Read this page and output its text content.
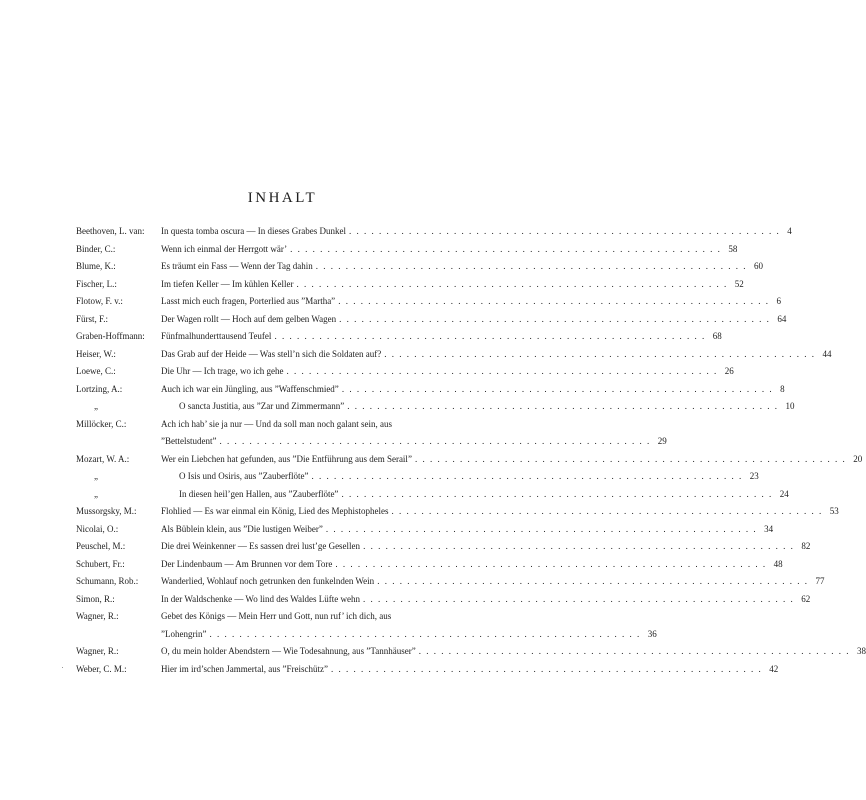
INHALT
Beethoven, L. van:	In questa tomba oscura — In dieses Grabes Dunkel . . . . . . . . . . . . . . . . . . . . . . . . . . . . . . . . . . . . . . . . . . . . . . . . . . . . . . . . . . 4
Binder, C.:	Wenn ich einmal der Herrgott wär’ . . . . . . . . . . . . . . . . . . . . . . . . . . . . . . . . . . . . . . . . . . . . . . . . . . . . . . . . . . 58
Blume, K.:	Es träumt ein Fass — Wenn der Tag dahin . . . . . . . . . . . . . . . . . . . . . . . . . . . . . . . . . . . . . . . . . . . . . . . . . . . . . . . . . . 60
Fischer, L.:	Im tiefen Keller — Im kühlen Keller . . . . . . . . . . . . . . . . . . . . . . . . . . . . . . . . . . . . . . . . . . . . . . . . . . . . . . . . . . 52
Flotow, F. v.:	Lasst mich euch fragen, Porterlied aus ”Martha” . . . . . . . . . . . . . . . . . . . . . . . . . . . . . . . . . . . . . . . . . . . . . . . . . . . . . . . . . . 6
Fürst, F.:	Der Wagen rollt — Hoch auf dem gelben Wagen . . . . . . . . . . . . . . . . . . . . . . . . . . . . . . . . . . . . . . . . . . . . . . . . . . . . . . . . . . 64
Graben-Hoffmann:	Fünfmalhunderttausend Teufel . . . . . . . . . . . . . . . . . . . . . . . . . . . . . . . . . . . . . . . . . . . . . . . . . . . . . . . . . . 68
Heiser, W.:	Das Grab auf der Heide — Was stell’n sich die Soldaten auf? . . . . . . . . . . . . . . . . . . . . . . . . . . . . . . . . . . . . . . . . . . . . . . . . . . . . . . . . . . 44
Loewe, C.:	Die Uhr — Ich trage, wo ich gehe . . . . . . . . . . . . . . . . . . . . . . . . . . . . . . . . . . . . . . . . . . . . . . . . . . . . . . . . . . 26
Lortzing, A.:	Auch ich war ein Jüngling, aus ”Waffenschmied” . . . . . . . . . . . . . . . . . . . . . . . . . . . . . . . . . . . . . . . . . . . . . . . . . . . . . . . . . . 8
„	O sancta Justitia, aus ”Zar und Zimmermann” . . . . . . . . . . . . . . . . . . . . . . . . . . . . . . . . . . . . . . . . . . . . . . . . . . . . . . . . . . 10
Millöcker, C.:	Ach ich hab’ sie ja nur — Und da soll man noch galant sein, aus
”Bettelstudent” . . . . . . . . . . . . . . . . . . . . . . . . . . . . . . . . . . . . . . . . . . . . . . . . . . . . . . . . . . 29
Mozart, W. A.:	Wer ein Liebchen hat gefunden, aus ”Die Entführung aus dem Serail” . . . . . . . . . . . . . . . . . . . . . . . . . . . . . . . . . . . . . . . . . . . . . . . . . . . . . . . . . . 20
„	O Isis und Osiris, aus ”Zauberflöte” . . . . . . . . . . . . . . . . . . . . . . . . . . . . . . . . . . . . . . . . . . . . . . . . . . . . . . . . . . 23
„	In diesen heil’gen Hallen, aus ”Zauberflöte” . . . . . . . . . . . . . . . . . . . . . . . . . . . . . . . . . . . . . . . . . . . . . . . . . . . . . . . . . . 24
Mussorgsky, M.:	Flohlied — Es war einmal ein König, Lied des Mephistopheles . . . . . . . . . . . . . . . . . . . . . . . . . . . . . . . . . . . . . . . . . . . . . . . . . . . . . . . . . . 53
Nicolai, O.:	Als Büblein klein, aus ”Die lustigen Weiber” . . . . . . . . . . . . . . . . . . . . . . . . . . . . . . . . . . . . . . . . . . . . . . . . . . . . . . . . . . 34
Peuschel, M.:	Die drei Weinkenner — Es sassen drei lust’ge Gesellen . . . . . . . . . . . . . . . . . . . . . . . . . . . . . . . . . . . . . . . . . . . . . . . . . . . . . . . . . . 82
Schubert, Fr.:	Der Lindenbaum — Am Brunnen vor dem Tore . . . . . . . . . . . . . . . . . . . . . . . . . . . . . . . . . . . . . . . . . . . . . . . . . . . . . . . . . . 48
Schumann, Rob.:	Wanderlied, Wohlauf noch getrunken den funkelnden Wein . . . . . . . . . . . . . . . . . . . . . . . . . . . . . . . . . . . . . . . . . . . . . . . . . . . . . . . . . . 77
Simon, R.:	In der Waldschenke — Wo lind des Waldes Lüfte wehn . . . . . . . . . . . . . . . . . . . . . . . . . . . . . . . . . . . . . . . . . . . . . . . . . . . . . . . . . . 62
Wagner, R.:	Gebet des Königs — Mein Herr und Gott, nun ruf’ ich dich, aus
”Lohengrin” . . . . . . . . . . . . . . . . . . . . . . . . . . . . . . . . . . . . . . . . . . . . . . . . . . . . . . . . . . 36
Wagner, R.:	O, du mein holder Abendstern — Wie Todesahnung, aus ”Tannhäuser” . . . . . . . . . . . . . . . . . . . . . . . . . . . . . . . . . . . . . . . . . . . . . . . . . . . . . . . . . . 38
Weber, C. M.:	Hier im ird’schen Jammertal, aus ”Freischütz” . . . . . . . . . . . . . . . . . . . . . . . . . . . . . . . . . . . . . . . . . . . . . . . . . . . . . . . . . . 42
